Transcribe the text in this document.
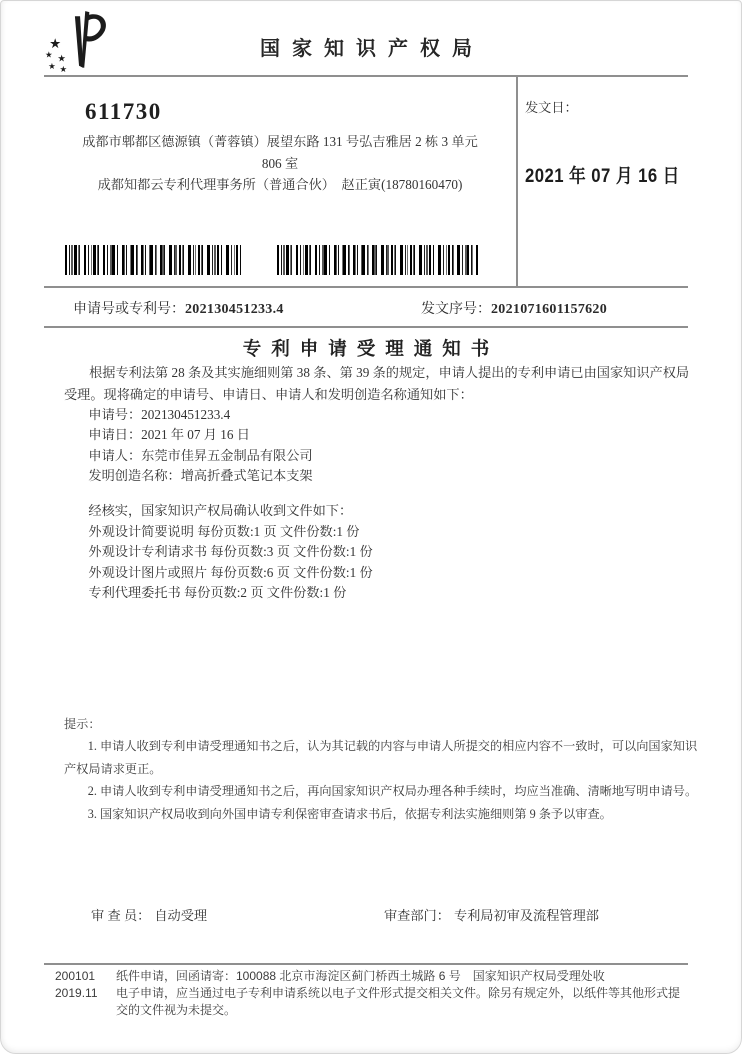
★
★ ★
★ ★
国家知识产权局
611730
成都市郫都区德源镇（菁蓉镇）展望东路 131 号弘吉雅居 2 栋 3 单元
806 室
成都知都云专利代理事务所（普通合伙）　赵正寅(18780160470)
发文日：
2021 年 07 月 16 日
申请号或专利号：202130451233.4	发文序号：2021071601157620
专利申请受理通知书
根据专利法第 28 条及其实施细则第 38 条、第 39 条的规定，申请人提出的专利申请已由国家知识产权局受理。现将确定的申请号、申请日、申请人和发明创造名称通知如下：
申请号：202130451233.4
申请日：2021 年 07 月 16 日
申请人：东莞市佳昇五金制品有限公司
发明创造名称：增高折叠式笔记本支架
经核实，国家知识产权局确认收到文件如下：
外观设计简要说明 每份页数:1 页 文件份数:1 份
外观设计专利请求书 每份页数:3 页 文件份数:1 份
外观设计图片或照片 每份页数:6 页 文件份数:1 份
专利代理委托书 每份页数:2 页 文件份数:1 份

提示：

1. 申请人收到专利申请受理通知书之后，认为其记载的内容与申请人所提交的相应内容不一致时，可以向国家知识产权局请求更正。

2. 申请人收到专利申请受理通知书之后，再向国家知识产权局办理各种手续时，均应当准确、清晰地写明申请号。

3. 国家知识产权局收到向外国申请专利保密审查请求书后，依据专利法实施细则第 9 条予以审查。

审 查 员： 自动受理	审查部门： 专利局初审及流程管理部
200101
2019.11

纸件申请，回函请寄：100088 北京市海淀区蓟门桥西土城路 6 号　国家知识产权局受理处收

电子申请，应当通过电子专利申请系统以电子文件形式提交相关文件。除另有规定外，以纸件等其他形式提交的文件视为未提交。
